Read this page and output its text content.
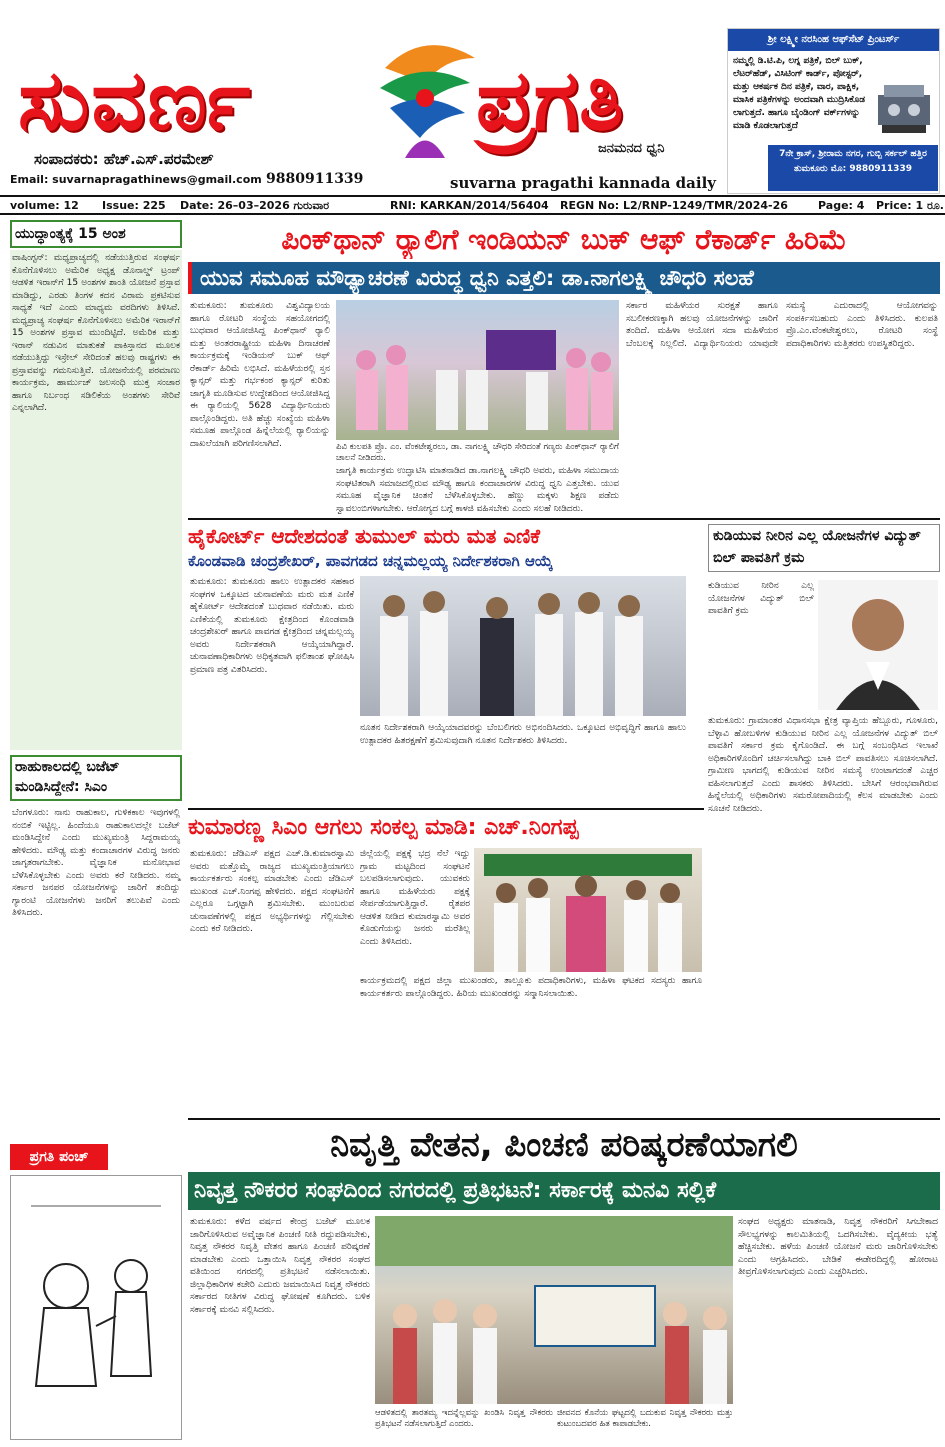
ಸುವರ್ಣ	ಪ್ರಗತಿ
ಸಂಪಾದಕರು: ಹೆಚ್.ಎಸ್.ಪರಮೇಶ್
ಜನಮನದ ಧ್ವನಿ
Email: suvarnapragathinews@gmail.com 9880911339	suvarna pragathi kannada daily
ಶ್ರೀ ಲಕ್ಷ್ಮೀ ನರಸಿಂಹ ಆಫ್‌ಸೆಟ್ ಪ್ರಿಂಟರ್ಸ್
ನಮ್ಮಲ್ಲಿ ಡಿ.ಟಿ.ಪಿ, ಲಗ್ನ ಪತ್ರಿಕೆ, ಬಿಲ್ ಬುಕ್, ಲೆಟರ್‌ಹೆಡ್, ವಿಸಿಟಿಂಗ್ ಕಾರ್ಡ್, ಪೋಸ್ಟರ್, ಮತ್ತು ಆಕರ್ಷಕ ದಿನ ಪತ್ರಿಕೆ, ವಾರ, ಪಾಕ್ಷಿಕ, ಮಾಸಿಕ ಪತ್ರಿಕೆಗಳನ್ನು ಅಂದವಾಗಿ ಮುದ್ರಿಸಿಕೊಡ ಲಾಗುತ್ತದೆ. ಹಾಗೂ ಬೈಂಡಿಂಗ್ ವರ್ಕ್‌ಗಳನ್ನು ಮಾಡಿ ಕೊಡಲಾಗುತ್ತದೆ
7ನೇ ಕ್ರಾಸ್, ಶ್ರೀರಾಮ ನಗರ, ಗುಬ್ಬಿ ಸರ್ಕಲ್ ಹತ್ತಿರ ತುಮಕೂರು ಮೊ: 9880911339
volume: 12 Issue: 225 Date: 26–03–2026 ಗುರುವಾರ	RNI: KARKAN/2014/56404 REGN No: L2/RNP-1249/TMR/2024-26	Page: 4 Price: 1 ರೂ.
ಯುದ್ಧಾಂತ್ಯಕ್ಕೆ 15 ಅಂಶ
ವಾಷಿಂಗ್ಟನ್: ಮಧ್ಯಪ್ರಾಚ್ಯದಲ್ಲಿ ನಡೆಯುತ್ತಿರುವ ಸಂಘರ್ಷ ಕೊನೆಗೊಳಿಸಲು ಅಮೆರಿಕ ಅಧ್ಯಕ್ಷ ಡೊನಾಲ್ಡ್ ಟ್ರಂಪ್ ಆಡಳಿತ ಇರಾನ್‌ಗೆ 15 ಅಂಶಗಳ ಶಾಂತಿ ಯೋಜನೆ ಪ್ರಸ್ತಾವ ಮಾಡಿದ್ದು, ಎರಡು ತಿಂಗಳ ಕದನ ವಿರಾಮ ಪ್ರಕಟಿಸುವ ಸಾಧ್ಯತೆ ಇದೆ ಎಂದು ಮಾಧ್ಯಮ ವರದಿಗಳು ತಿಳಿಸಿವೆ. ಮಧ್ಯಪ್ರಾಚ್ಯ ಸಂಘರ್ಷ ಕೊನೆಗೊಳಿಸಲು ಅಮೆರಿಕ ಇರಾನ್‌ಗೆ 15 ಅಂಶಗಳ ಪ್ರಸ್ತಾವ ಮುಂದಿಟ್ಟಿದೆ. ಅಮೆರಿಕ ಮತ್ತು ಇರಾನ್ ನಡುವಿನ ಮಾತುಕತೆ ಪಾಕಿಸ್ತಾನದ ಮೂಲಕ ನಡೆಯುತ್ತಿದ್ದು ಇಸ್ರೇಲ್ ಸೇರಿದಂತೆ ಹಲವು ರಾಷ್ಟ್ರಗಳು ಈ ಪ್ರಸ್ತಾವವನ್ನು ಗಮನಿಸುತ್ತಿವೆ. ಯೋಜನೆಯಲ್ಲಿ ಪರಮಾಣು ಕಾರ್ಯಕ್ರಮ, ಹಾರ್ಮುಜ್ ಜಲಸಂಧಿ ಮುಕ್ತ ಸಂಚಾರ ಹಾಗೂ ನಿರ್ಬಂಧ ಸಡಿಲಿಕೆಯ ಅಂಶಗಳು ಸೇರಿವೆ ಎನ್ನಲಾಗಿದೆ.
ರಾಹುಕಾಲದಲ್ಲಿ ಬಜೆಟ್ ಮಂಡಿಸಿದ್ದೇನೆ: ಸಿಎಂ
ಬೆಂಗಳೂರು: ನಾನು ರಾಹುಕಾಲ, ಗುಳಿಕಕಾಲ ಇವುಗಳಲ್ಲಿ ನಂಬಿಕೆ ಇಟ್ಟಿಲ್ಲ. ಹಿಂದೆಯೂ ರಾಹುಕಾಲದಲ್ಲೇ ಬಜೆಟ್ ಮಂಡಿಸಿದ್ದೇನೆ ಎಂದು ಮುಖ್ಯಮಂತ್ರಿ ಸಿದ್ದರಾಮಯ್ಯ ಹೇಳಿದರು. ಮೌಢ್ಯ ಮತ್ತು ಕಂದಾಚಾರಗಳ ವಿರುದ್ಧ ಜನರು ಜಾಗೃತರಾಗಬೇಕು. ವೈಜ್ಞಾನಿಕ ಮನೋಭಾವ ಬೆಳೆಸಿಕೊಳ್ಳಬೇಕು ಎಂದು ಅವರು ಕರೆ ನೀಡಿದರು. ನಮ್ಮ ಸರ್ಕಾರ ಜನಪರ ಯೋಜನೆಗಳನ್ನು ಜಾರಿಗೆ ತಂದಿದ್ದು ಗ್ಯಾರಂಟಿ ಯೋಜನೆಗಳು ಜನರಿಗೆ ತಲುಪಿವೆ ಎಂದು ತಿಳಿಸಿದರು.
ಪ್ರಗತಿ ಪಂಚ್
ಪಿಂಕ್‌ಥಾನ್ ರ‍್ಯಾಲಿಗೆ ಇಂಡಿಯನ್ ಬುಕ್ ಆಫ್ ರೆಕಾರ್ಡ್ ಹಿರಿಮೆ
ಯುವ ಸಮೂಹ ಮೌಢ್ಯಾಚರಣೆ ವಿರುದ್ಧ ಧ್ವನಿ ಎತ್ತಲಿ: ಡಾ.ನಾಗಲಕ್ಷ್ಮಿ ಚೌಧರಿ ಸಲಹೆ
ತುಮಕೂರು: ತುಮಕೂರು ವಿಶ್ವವಿದ್ಯಾಲಯ ಹಾಗೂ ರೋಟರಿ ಸಂಸ್ಥೆಯ ಸಹಯೋಗದಲ್ಲಿ ಬುಧವಾರ ಆಯೋಜಿಸಿದ್ದ ಪಿಂಕ್‌ಥಾನ್ ರ‍್ಯಾಲಿ ಮತ್ತು ಅಂತರರಾಷ್ಟ್ರೀಯ ಮಹಿಳಾ ದಿನಾಚರಣೆ ಕಾರ್ಯಕ್ರಮಕ್ಕೆ ಇಂಡಿಯನ್ ಬುಕ್ ಆಫ್ ರೆಕಾರ್ಡ್ ಹಿರಿಮೆ ಲಭಿಸಿದೆ. ಮಹಿಳೆಯರಲ್ಲಿ ಸ್ತನ ಕ್ಯಾನ್ಸರ್ ಮತ್ತು ಗರ್ಭಕಂಠ ಕ್ಯಾನ್ಸರ್ ಕುರಿತು ಜಾಗೃತಿ ಮೂಡಿಸುವ ಉದ್ದೇಶದಿಂದ ಆಯೋಜಿಸಿದ್ದ ಈ ರ‍್ಯಾಲಿಯಲ್ಲಿ 5628 ವಿದ್ಯಾರ್ಥಿನಿಯರು ಪಾಲ್ಗೊಂಡಿದ್ದರು. ಅತಿ ಹೆಚ್ಚು ಸಂಖ್ಯೆಯ ಮಹಿಳಾ ಸಮೂಹ ಪಾಲ್ಗೊಂಡ ಹಿನ್ನೆಲೆಯಲ್ಲಿ ರ‍್ಯಾಲಿಯನ್ನು ದಾಖಲೆಯಾಗಿ ಪರಿಗಣಿಸಲಾಗಿದೆ.	ಪಿವಿ ಕುಲಪತಿ ಪ್ರೊ. ಎಂ. ವೆಂಕಟೇಶ್ವರಲು, ಡಾ. ನಾಗಲಕ್ಷ್ಮಿ ಚೌಧರಿ ಸೇರಿದಂತೆ ಗಣ್ಯರು ಪಿಂಕ್‌ಥಾನ್ ರ‍್ಯಾಲಿಗೆ ಚಾಲನೆ ನೀಡಿದರು.
ಜಾಗೃತಿ ಕಾರ್ಯಕ್ರಮ ಉದ್ಘಾಟಿಸಿ ಮಾತನಾಡಿದ ಡಾ.ನಾಗಲಕ್ಷ್ಮಿ ಚೌಧರಿ ಅವರು, ಮಹಿಳಾ ಸಮುದಾಯ ಸಂಘಟಿತರಾಗಿ ಸಮಾಜದಲ್ಲಿರುವ ಮೌಢ್ಯ ಹಾಗೂ ಕಂದಾಚಾರಗಳ ವಿರುದ್ಧ ಧ್ವನಿ ಎತ್ತಬೇಕು. ಯುವ ಸಮೂಹ ವೈಜ್ಞಾನಿಕ ಚಿಂತನೆ ಬೆಳೆಸಿಕೊಳ್ಳಬೇಕು. ಹೆಣ್ಣು ಮಕ್ಕಳು ಶಿಕ್ಷಣ ಪಡೆದು ಸ್ವಾವಲಂಬಿಗಳಾಗಬೇಕು. ಆರೋಗ್ಯದ ಬಗ್ಗೆ ಕಾಳಜಿ ವಹಿಸಬೇಕು ಎಂದು ಸಲಹೆ ನೀಡಿದರು.
ಸರ್ಕಾರ ಮಹಿಳೆಯರ ಸುರಕ್ಷತೆ ಹಾಗೂ ಸಬಲೀಕರಣಕ್ಕಾಗಿ ಹಲವು ಯೋಜನೆಗಳನ್ನು ಜಾರಿಗೆ ತಂದಿದೆ. ಮಹಿಳಾ ಆಯೋಗ ಸದಾ ಮಹಿಳೆಯರ ಬೆಂಬಲಕ್ಕೆ ನಿಲ್ಲಲಿದೆ. ವಿದ್ಯಾರ್ಥಿನಿಯರು ಯಾವುದೇ ಸಮಸ್ಯೆ ಎದುರಾದಲ್ಲಿ ಆಯೋಗವನ್ನು ಸಂಪರ್ಕಿಸಬಹುದು ಎಂದು ತಿಳಿಸಿದರು. ಕುಲಪತಿ ಪ್ರೊ.ಎಂ.ವೆಂಕಟೇಶ್ವರಲು, ರೋಟರಿ ಸಂಸ್ಥೆ ಪದಾಧಿಕಾರಿಗಳು ಮತ್ತಿತರರು ಉಪಸ್ಥಿತರಿದ್ದರು.
ಹೈಕೋರ್ಟ್ ಆದೇಶದಂತೆ ತುಮುಲ್ ಮರು ಮತ ಎಣಿಕೆ
ಕೊಂಡವಾಡಿ ಚಂದ್ರಶೇಖರ್, ಪಾವಗಡದ ಚನ್ನಮಲ್ಲಯ್ಯ ನಿರ್ದೇಶಕರಾಗಿ ಆಯ್ಕೆ
ತುಮಕೂರು: ತುಮಕೂರು ಹಾಲು ಉತ್ಪಾದಕರ ಸಹಕಾರ ಸಂಘಗಳ ಒಕ್ಕೂಟದ ಚುನಾವಣೆಯ ಮರು ಮತ ಎಣಿಕೆ ಹೈಕೋರ್ಟ್ ಆದೇಶದಂತೆ ಬುಧವಾರ ನಡೆಯಿತು. ಮರು ಎಣಿಕೆಯಲ್ಲಿ ತುಮಕೂರು ಕ್ಷೇತ್ರದಿಂದ ಕೊಂಡವಾಡಿ ಚಂದ್ರಶೇಖರ್ ಹಾಗೂ ಪಾವಗಡ ಕ್ಷೇತ್ರದಿಂದ ಚನ್ನಮಲ್ಲಯ್ಯ ಅವರು ನಿರ್ದೇಶಕರಾಗಿ ಆಯ್ಕೆಯಾಗಿದ್ದಾರೆ. ಚುನಾವಣಾಧಿಕಾರಿಗಳು ಅಧಿಕೃತವಾಗಿ ಫಲಿತಾಂಶ ಘೋಷಿಸಿ ಪ್ರಮಾಣ ಪತ್ರ ವಿತರಿಸಿದರು.
ನೂತನ ನಿರ್ದೇಶಕರಾಗಿ ಆಯ್ಕೆಯಾದವರನ್ನು ಬೆಂಬಲಿಗರು ಅಭಿನಂದಿಸಿದರು. ಒಕ್ಕೂಟದ ಅಭಿವೃದ್ಧಿಗೆ ಹಾಗೂ ಹಾಲು ಉತ್ಪಾದಕರ ಹಿತರಕ್ಷಣೆಗೆ ಶ್ರಮಿಸುವುದಾಗಿ ನೂತನ ನಿರ್ದೇಶಕರು ತಿಳಿಸಿದರು.
ಕುಡಿಯುವ ನೀರಿನ ಎಲ್ಲ ಯೋಜನೆಗಳ ವಿದ್ಯುತ್ ಬಿಲ್ ಪಾವತಿಗೆ ಕ್ರಮ
ಕುಡಿಯುವ ನೀರಿನ ಎಲ್ಲ ಯೋಜನೆಗಳ ವಿದ್ಯುತ್ ಬಿಲ್ ಪಾವತಿಗೆ ಕ್ರಮ
ತುಮಕೂರು: ಗ್ರಾಮಾಂತರ ವಿಧಾನಸಭಾ ಕ್ಷೇತ್ರ ವ್ಯಾಪ್ತಿಯ ಹೆಬ್ಬೂರು, ಗೂಳೂರು, ಬೆಳ್ಳಾವಿ ಹೋಬಳಿಗಳ ಕುಡಿಯುವ ನೀರಿನ ಎಲ್ಲ ಯೋಜನೆಗಳ ವಿದ್ಯುತ್ ಬಿಲ್ ಪಾವತಿಗೆ ಸರ್ಕಾರ ಕ್ರಮ ಕೈಗೊಂಡಿದೆ. ಈ ಬಗ್ಗೆ ಸಂಬಂಧಿಸಿದ ಇಲಾಖೆ ಅಧಿಕಾರಿಗಳೊಂದಿಗೆ ಚರ್ಚಿಸಲಾಗಿದ್ದು ಬಾಕಿ ಬಿಲ್ ಪಾವತಿಸಲು ಸೂಚಿಸಲಾಗಿದೆ. ಗ್ರಾಮೀಣ ಭಾಗದಲ್ಲಿ ಕುಡಿಯುವ ನೀರಿನ ಸಮಸ್ಯೆ ಉಂಟಾಗದಂತೆ ಎಚ್ಚರ ವಹಿಸಲಾಗುತ್ತದೆ ಎಂದು ಶಾಸಕರು ತಿಳಿಸಿದರು. ಬೇಸಿಗೆ ಆರಂಭವಾಗಿರುವ ಹಿನ್ನೆಲೆಯಲ್ಲಿ ಅಧಿಕಾರಿಗಳು ಸಮರೋಪಾದಿಯಲ್ಲಿ ಕೆಲಸ ಮಾಡಬೇಕು ಎಂದು ಸೂಚನೆ ನೀಡಿದರು.
ಕುಮಾರಣ್ಣ ಸಿಎಂ ಆಗಲು ಸಂಕಲ್ಪ ಮಾಡಿ: ಎಚ್.ನಿಂಗಪ್ಪ
ತುಮಕೂರು: ಜೆಡಿಎಸ್ ಪಕ್ಷದ ಎಚ್.ಡಿ.ಕುಮಾರಸ್ವಾಮಿ ಅವರು ಮತ್ತೊಮ್ಮೆ ರಾಜ್ಯದ ಮುಖ್ಯಮಂತ್ರಿಯಾಗಲು ಕಾರ್ಯಕರ್ತರು ಸಂಕಲ್ಪ ಮಾಡಬೇಕು ಎಂದು ಜೆಡಿಎಸ್ ಮುಖಂಡ ಎಚ್.ನಿಂಗಪ್ಪ ಹೇಳಿದರು. ಪಕ್ಷದ ಸಂಘಟನೆಗೆ ಎಲ್ಲರೂ ಒಗ್ಗಟ್ಟಾಗಿ ಶ್ರಮಿಸಬೇಕು. ಮುಂಬರುವ ಚುನಾವಣೆಗಳಲ್ಲಿ ಪಕ್ಷದ ಅಭ್ಯರ್ಥಿಗಳನ್ನು ಗೆಲ್ಲಿಸಬೇಕು ಎಂದು ಕರೆ ನೀಡಿದರು.
ಜಿಲ್ಲೆಯಲ್ಲಿ ಪಕ್ಷಕ್ಕೆ ಭದ್ರ ನೆಲೆ ಇದ್ದು ಗ್ರಾಮ ಮಟ್ಟದಿಂದ ಸಂಘಟನೆ ಬಲಪಡಿಸಲಾಗುವುದು. ಯುವಕರು ಹಾಗೂ ಮಹಿಳೆಯರು ಪಕ್ಷಕ್ಕೆ ಸೇರ್ಪಡೆಯಾಗುತ್ತಿದ್ದಾರೆ. ರೈತಪರ ಆಡಳಿತ ನೀಡಿದ ಕುಮಾರಸ್ವಾಮಿ ಅವರ ಕೊಡುಗೆಯನ್ನು ಜನರು ಮರೆತಿಲ್ಲ ಎಂದು ತಿಳಿಸಿದರು.
ಕಾರ್ಯಕ್ರಮದಲ್ಲಿ ಪಕ್ಷದ ಜಿಲ್ಲಾ ಮುಖಂಡರು, ತಾಲ್ಲೂಕು ಪದಾಧಿಕಾರಿಗಳು, ಮಹಿಳಾ ಘಟಕದ ಸದಸ್ಯರು ಹಾಗೂ ಕಾರ್ಯಕರ್ತರು ಪಾಲ್ಗೊಂಡಿದ್ದರು. ಹಿರಿಯ ಮುಖಂಡರನ್ನು ಸನ್ಮಾನಿಸಲಾಯಿತು.
ನಿವೃತ್ತಿ ವೇತನ, ಪಿಂಚಣಿ ಪರಿಷ್ಕರಣೆಯಾಗಲಿ
ನಿವೃತ್ತ ನೌಕರರ ಸಂಘದಿಂದ ನಗರದಲ್ಲಿ ಪ್ರತಿಭಟನೆ: ಸರ್ಕಾರಕ್ಕೆ ಮನವಿ ಸಲ್ಲಿಕೆ
ತುಮಕೂರು: ಕಳೆದ ವರ್ಷದ ಕೇಂದ್ರ ಬಜೆಟ್ ಮೂಲಕ ಜಾರಿಗೊಳಿಸಿರುವ ಅವೈಜ್ಞಾನಿಕ ಪಿಂಚಣಿ ನೀತಿ ರದ್ದುಪಡಿಸಬೇಕು, ನಿವೃತ್ತ ನೌಕರರ ನಿವೃತ್ತಿ ವೇತನ ಹಾಗೂ ಪಿಂಚಣಿ ಪರಿಷ್ಕರಣೆ ಮಾಡಬೇಕು ಎಂದು ಒತ್ತಾಯಿಸಿ ನಿವೃತ್ತ ನೌಕರರ ಸಂಘದ ವತಿಯಿಂದ ನಗರದಲ್ಲಿ ಪ್ರತಿಭಟನೆ ನಡೆಸಲಾಯಿತು. ಜಿಲ್ಲಾಧಿಕಾರಿಗಳ ಕಚೇರಿ ಎದುರು ಜಮಾಯಿಸಿದ ನಿವೃತ್ತ ನೌಕರರು ಸರ್ಕಾರದ ನೀತಿಗಳ ವಿರುದ್ಧ ಘೋಷಣೆ ಕೂಗಿದರು. ಬಳಿಕ ಸರ್ಕಾರಕ್ಕೆ ಮನವಿ ಸಲ್ಲಿಸಿದರು.
ಆಡಳಿತದಲ್ಲಿ ತಾರತಮ್ಯ ಇದನ್ನೆಲ್ಲವನ್ನು ಖಂಡಿಸಿ ನಿವೃತ್ತ ನೌಕರರು ಪ್ರತಿಭಟನೆ ನಡೆಸಲಾಗುತ್ತಿದೆ ಎಂದರು.
ಜೀವನದ ಕೊನೆಯ ಘಟ್ಟದಲ್ಲಿ ಬದುಕುವ ನಿವೃತ್ತ ನೌಕರರು ಮತ್ತು ಕುಟುಂಬದವರ ಹಿತ ಕಾಪಾಡಬೇಕು.
ಸಂಘದ ಅಧ್ಯಕ್ಷರು ಮಾತನಾಡಿ, ನಿವೃತ್ತ ನೌಕರರಿಗೆ ಸಿಗಬೇಕಾದ ಸೌಲಭ್ಯಗಳನ್ನು ಕಾಲಮಿತಿಯಲ್ಲಿ ಒದಗಿಸಬೇಕು. ವೈದ್ಯಕೀಯ ಭತ್ಯೆ ಹೆಚ್ಚಿಸಬೇಕು. ಹಳೆಯ ಪಿಂಚಣಿ ಯೋಜನೆ ಮರು ಜಾರಿಗೊಳಿಸಬೇಕು ಎಂದು ಆಗ್ರಹಿಸಿದರು. ಬೇಡಿಕೆ ಈಡೇರದಿದ್ದಲ್ಲಿ ಹೋರಾಟ ತೀವ್ರಗೊಳಿಸಲಾಗುವುದು ಎಂದು ಎಚ್ಚರಿಸಿದರು.
